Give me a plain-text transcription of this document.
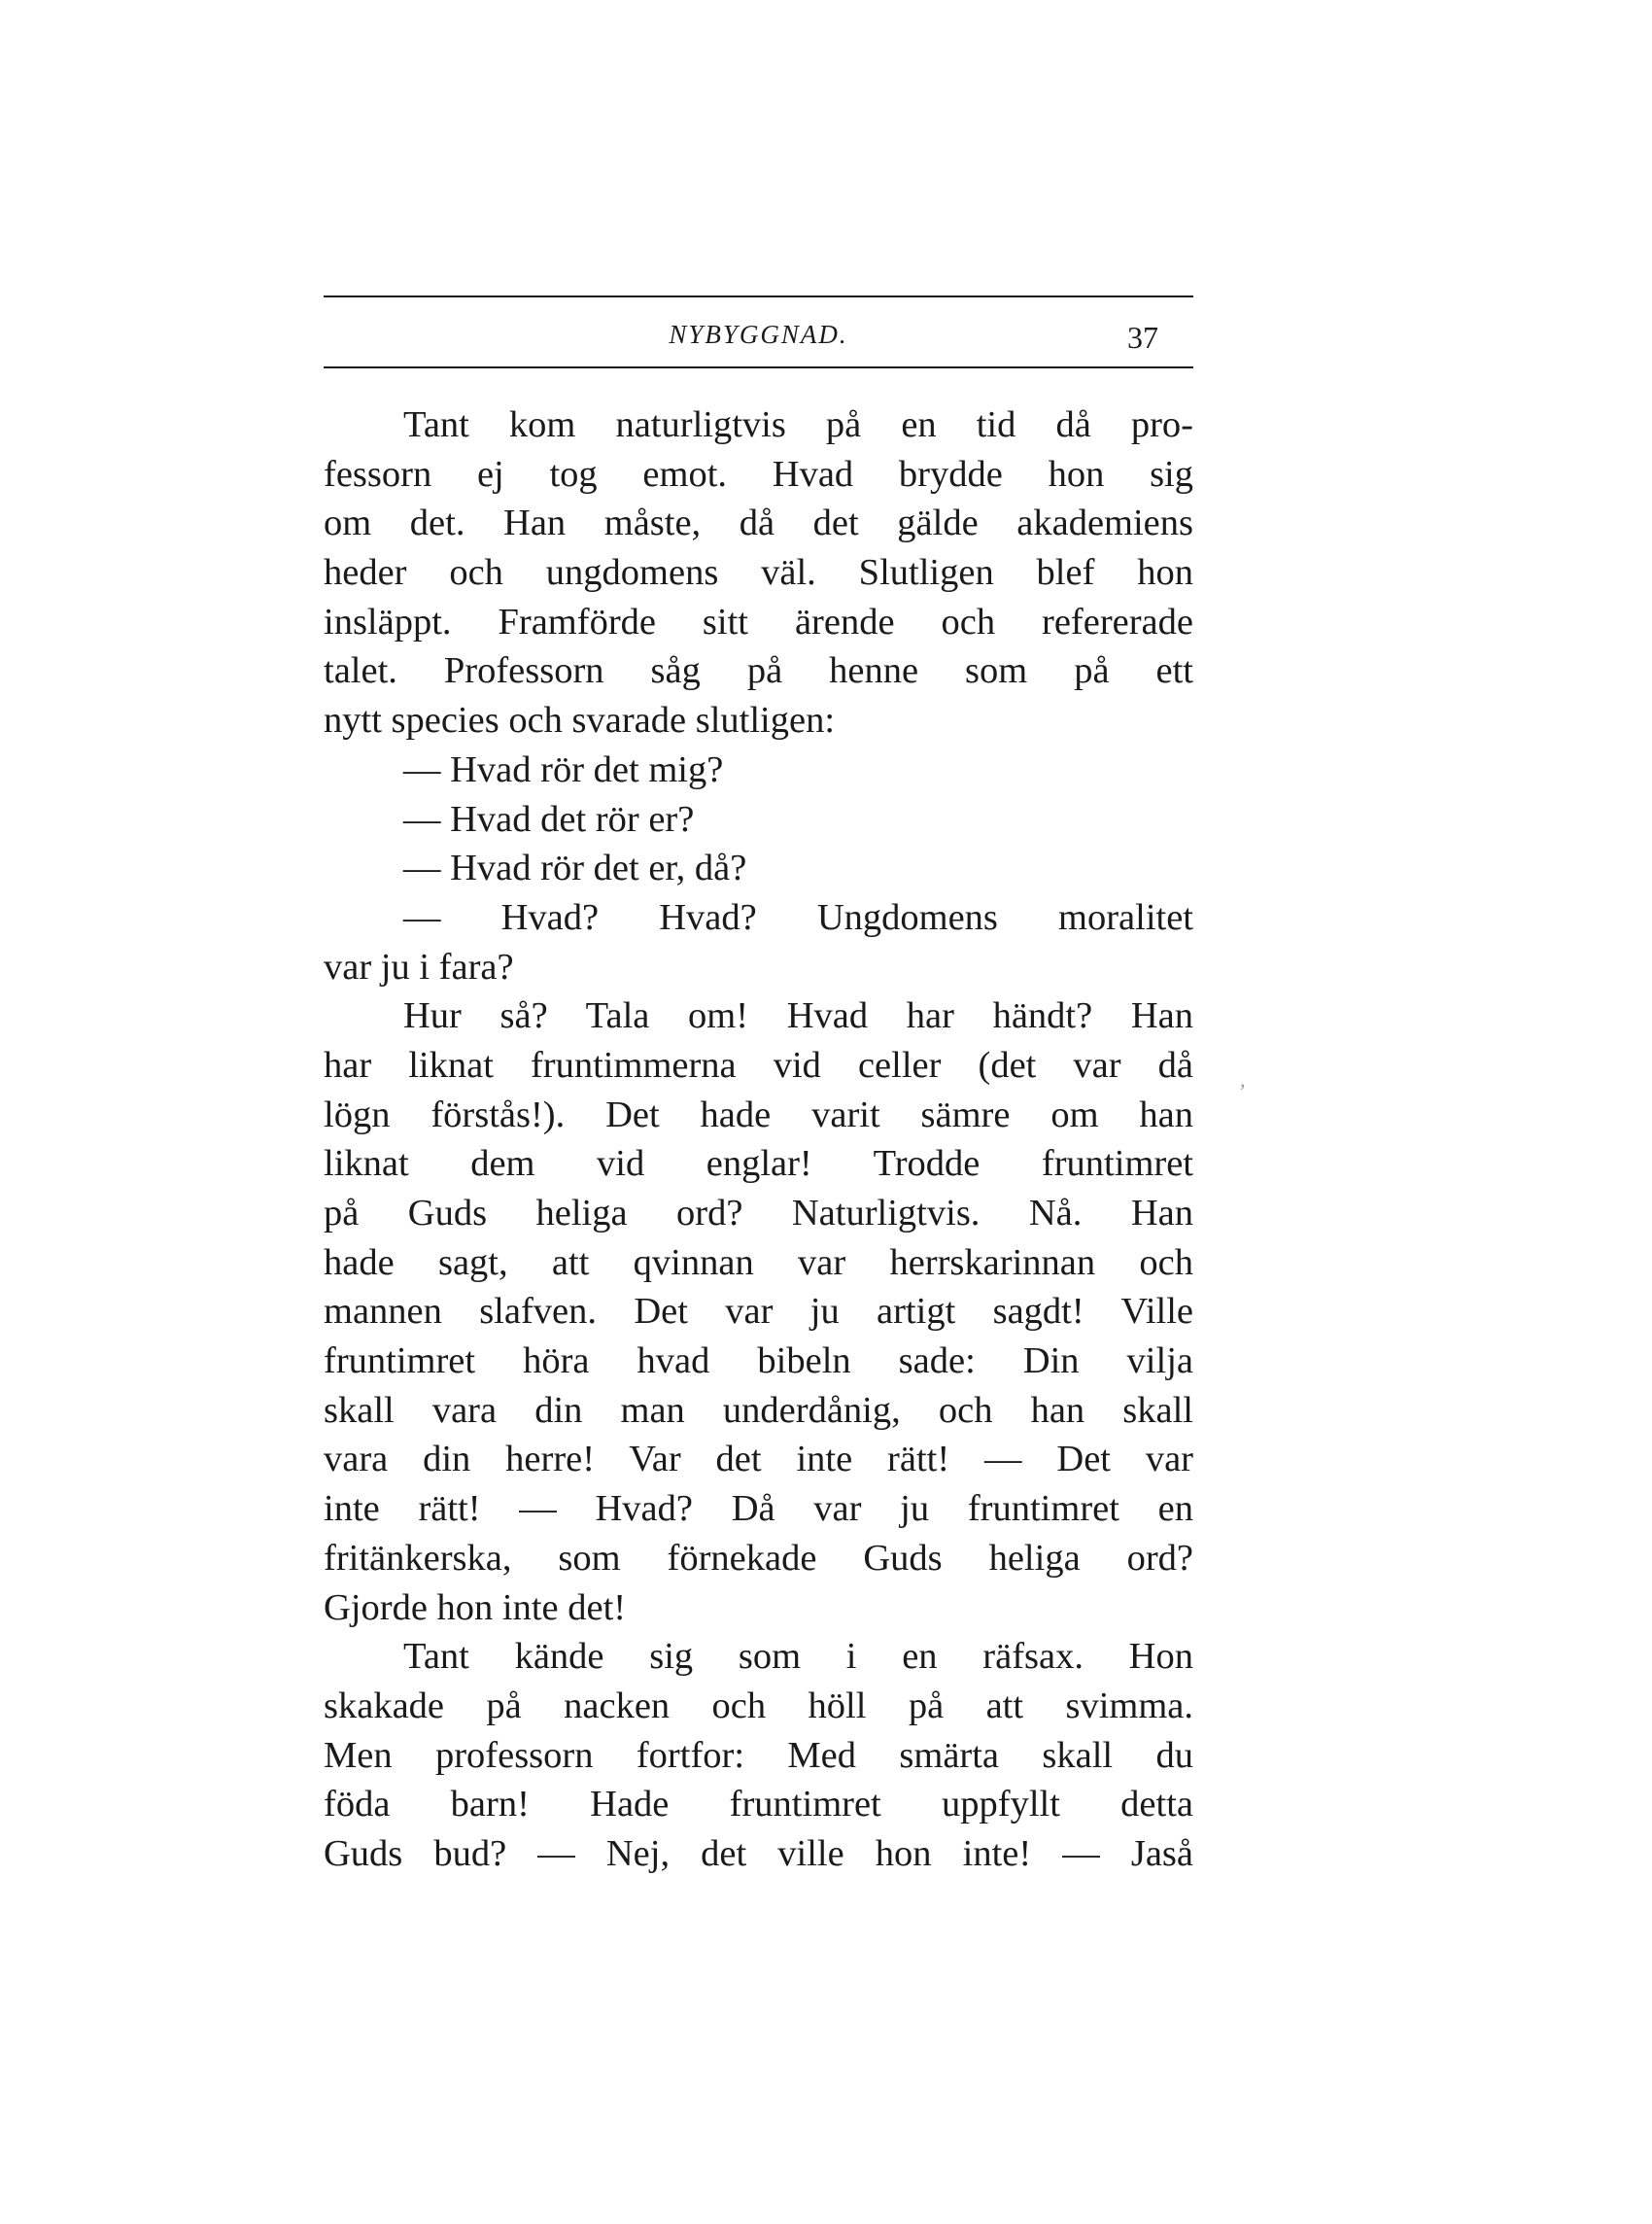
NYBYGGNAD.	37
Tant kom naturligtvis på en tid då pro-
fessorn ej tog emot. Hvad brydde hon sig
om det. Han måste, då det gälde akademiens
heder och ungdomens väl. Slutligen blef hon
insläppt. Framförde sitt ärende och refererade
talet. Professorn såg på henne som på ett
nytt species och svarade slutligen:
— Hvad rör det mig?
— Hvad det rör er?
— Hvad rör det er, då?
— Hvad? Hvad? Ungdomens moralitet
var ju i fara?
Hur så? Tala om! Hvad har händt? Han
har liknat fruntimmerna vid celler (det var då
lögn förstås!). Det hade varit sämre om han
liknat dem vid englar! Trodde fruntimret
på Guds heliga ord? Naturligtvis. Nå. Han
hade sagt, att qvinnan var herrskarinnan och
mannen slafven. Det var ju artigt sagdt! Ville
fruntimret höra hvad bibeln sade: Din vilja
skall vara din man underdånig, och han skall
vara din herre! Var det inte rätt! — Det var
inte rätt! — Hvad? Då var ju fruntimret en
fritänkerska, som förnekade Guds heliga ord?
Gjorde hon inte det!
Tant kände sig som i en räfsax. Hon
skakade på nacken och höll på att svimma.
Men professorn fortfor: Med smärta skall du
föda barn! Hade fruntimret uppfyllt detta
Guds bud? — Nej, det ville hon inte! — Jaså
,
